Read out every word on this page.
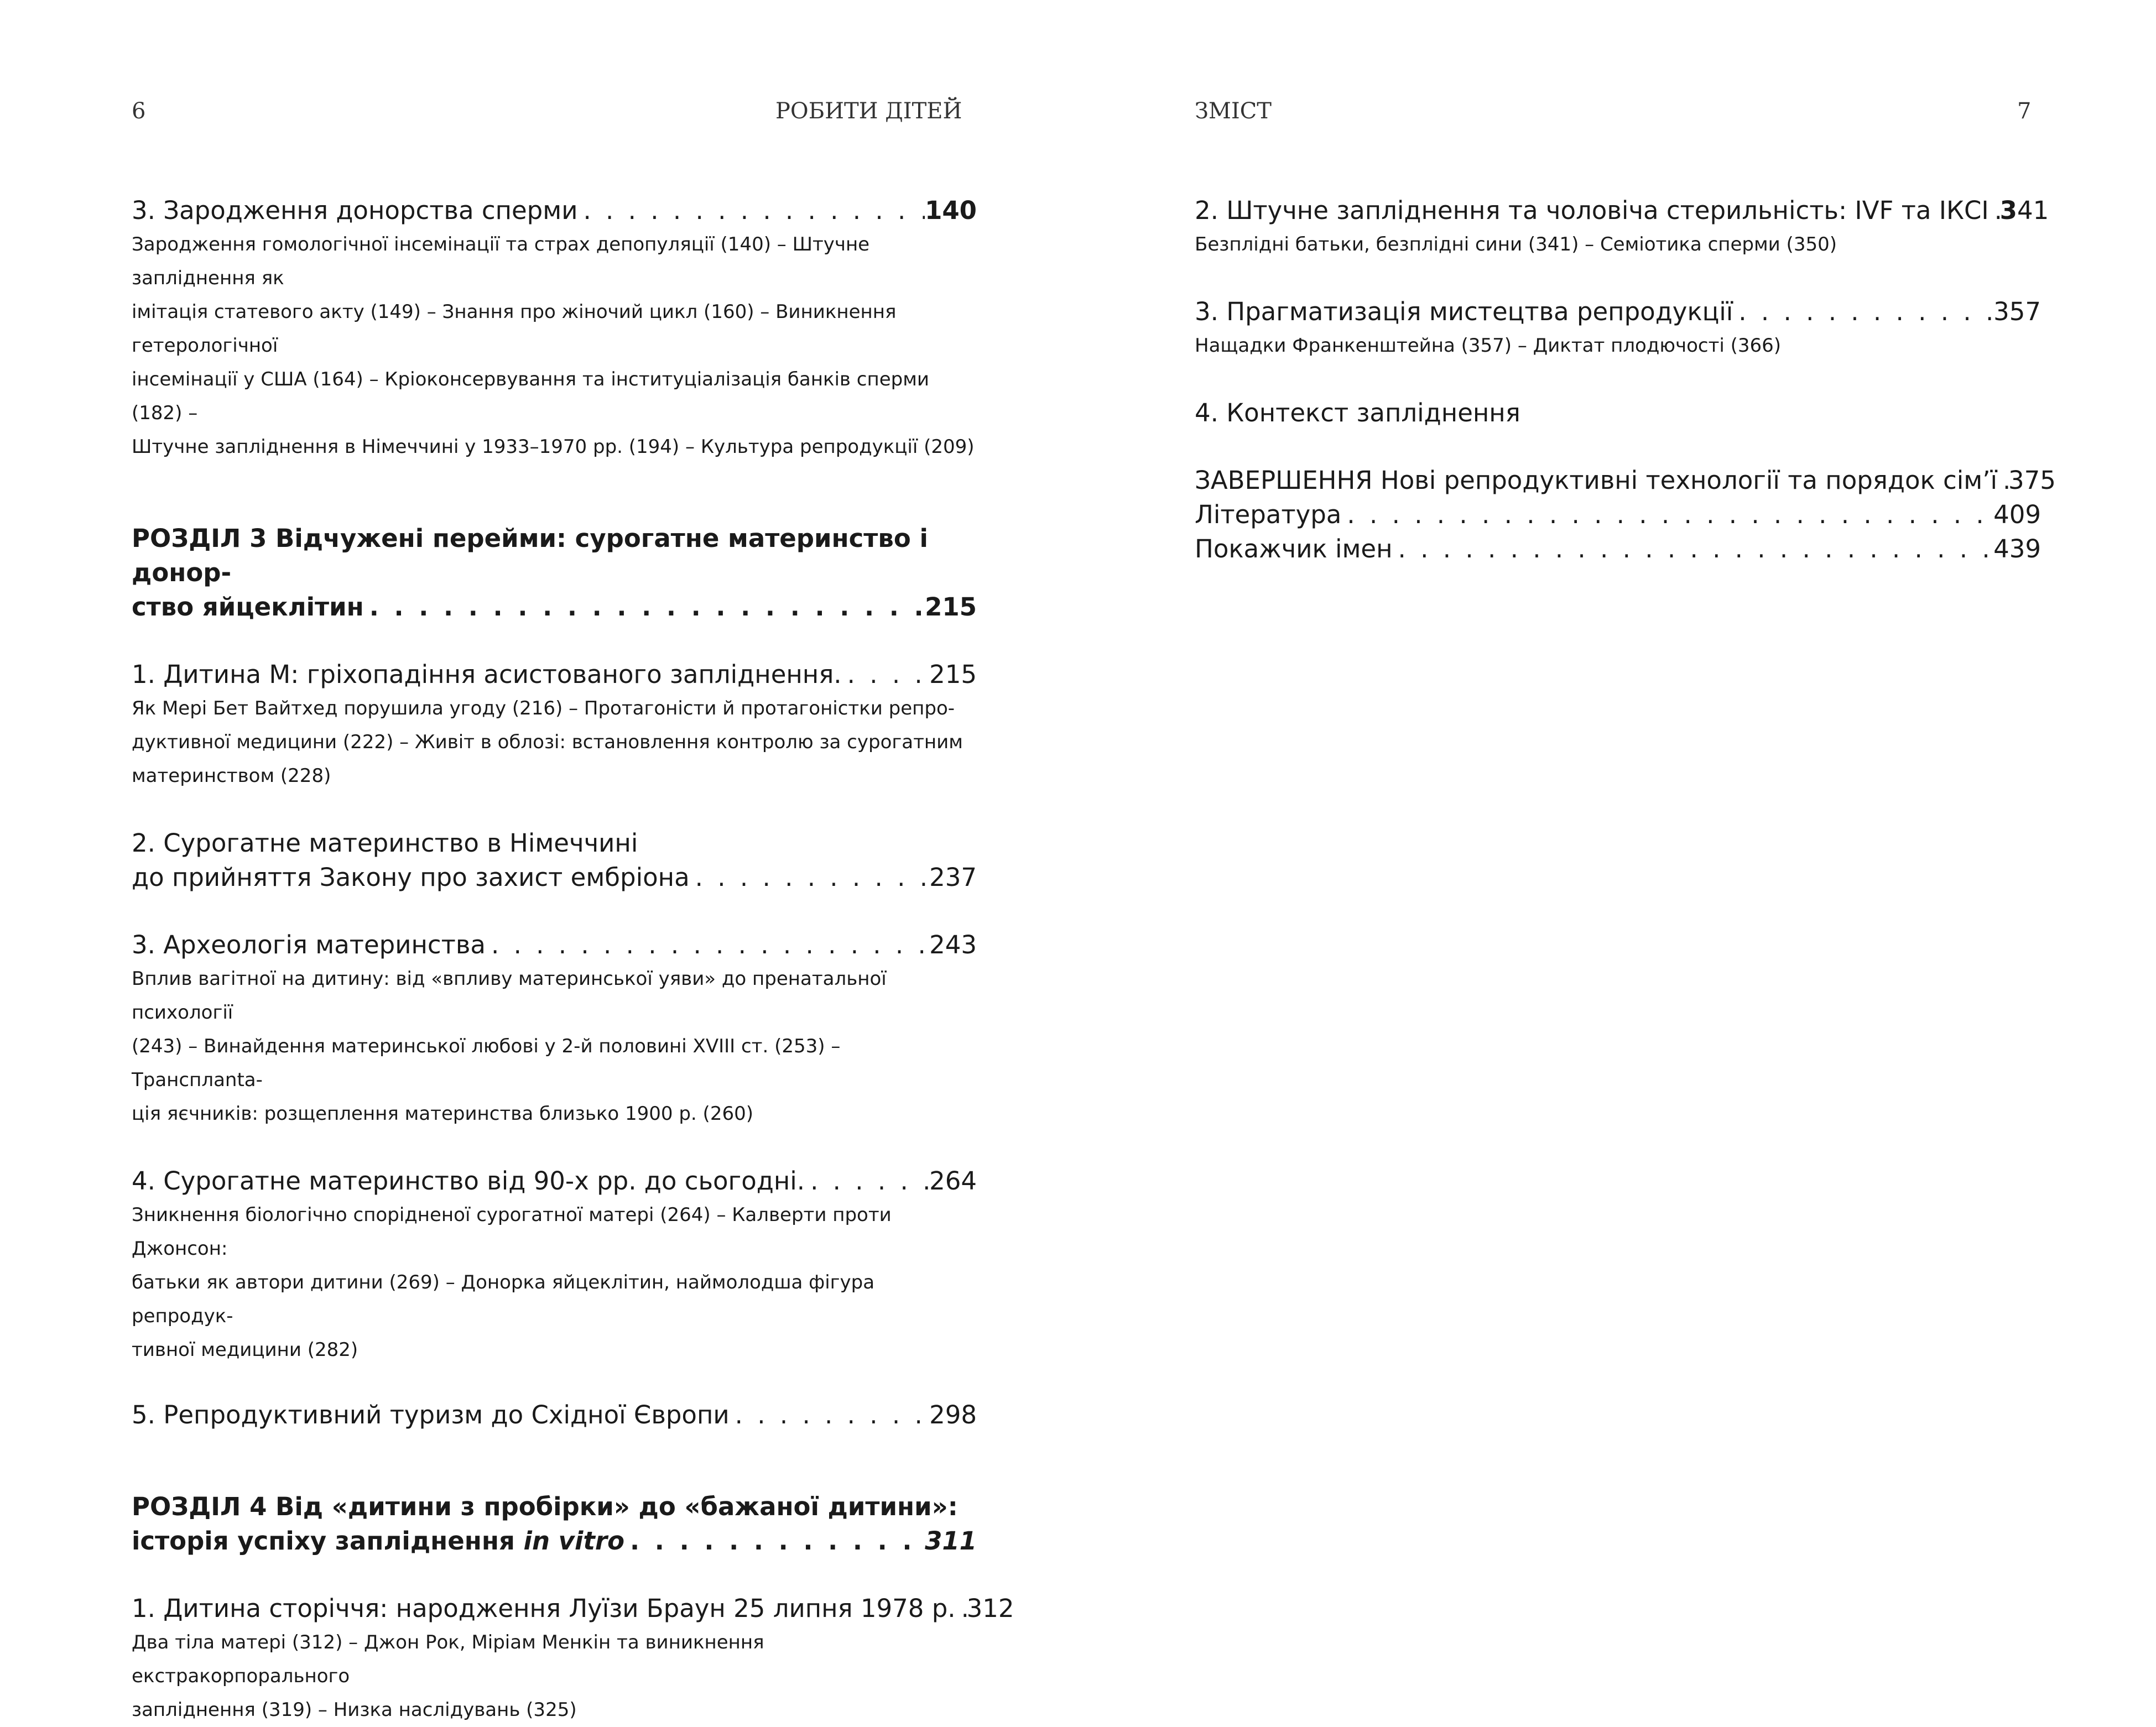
6	РОБИТИ ДІТЕЙ
3. Зародження донорства сперми . . .	140
Зародження гомологічної інсемінації та страх депопуляції (140) – Штучне запліднення як
імітація статевого акту (149) – Знання про жіночий цикл (160) – Виникнення гетерологічної
інсемінації у США (164) – Кріоконсервування та інституціалізація банків сперми (182) –
Штучне запліднення в Німеччині у 1933–1970 рр. (194) – Культура репродукції (209)
РОЗДІЛ 3 Відчужені перейми: сурогатне материнство і донор-
ство яйцеклітин . . .	215
1. Дитина М: гріхопадіння асистованого запліднення. . . .	215
Як Мері Бет Вайтхед порушила угоду (216) – Протагоністи й протагоністки репро-
дуктивної медицини (222) – Живіт в облозі: встановлення контролю за сурогатним
материнством (228)
2. Сурогатне материнство в Німеччині
до прийняття Закону про захист ембріона . . .	237
3. Археологія материнства . . .	243
Вплив вагітної на дитину: від «впливу материнської уяви» до пренатальної психології
(243) – Винайдення материнської любові у 2-й половині XVIII ст. (253) – Трансплanta-
ція яєчників: розщеплення материнства близько 1900 р. (260)
4. Сурогатне материнство від 90-х рр. до сьогодні. . . .	264
Зникнення біологічно спорідненої сурогатної матері (264) – Калверти проти Джонсон:
батьки як автори дитини (269) – Донорка яйцеклітин, наймолодша фігура репродук-
тивної медицини (282)
5. Репродуктивний туризм до Східної Європи . . .	298
РОЗДІЛ 4 Від «дитини з пробірки» до «бажаної дитини»:
історія успіху запліднення in vitro . . .	311
1. Дитина сторіччя: народження Луїзи Браун 25 липня 1978 р. . . . 312
Два тіла матері (312) – Джон Рок, Міріам Менкін та виникнення екстракорпорального
запліднення (319) – Низка наслідувань (325)
ЗМІСТ	7
2. Штучне запліднення та чоловіча стерильність: IVF та ІКСІ . . . 341
Безплідні батьки, безплідні сини (341) – Семіотика сперми (350)
3. Прагматизація мистецтва репродукції . . .	357
Нащадки Франкенштейна (357) – Диктат плодючості (366)
4. Контекст запліднення
ЗАВЕРШЕННЯ Нові репродуктивні технології та порядок сім’ї . . . 375
Література . . .	409
Покажчик імен . . .	439
